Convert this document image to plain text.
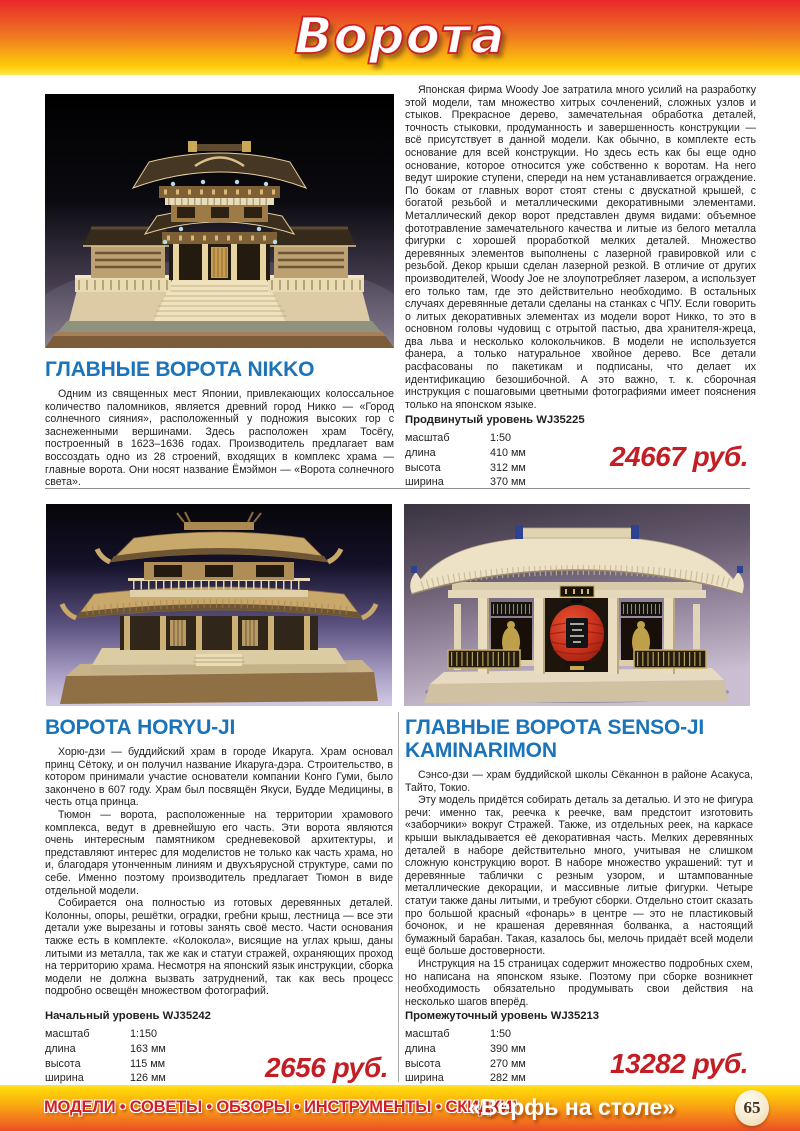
Ворота
ГЛАВНЫЕ ВОРОТА NIKKO

Одним из священных мест Японии, привлекающих колоссальное количество паломников, является древний город Никко — «Город солнечного сияния», расположенный у подножия высоких гор с заснеженными вершинами. Здесь расположен храм Тосёгу, построенный в 1623–1636 годах. Производитель предлагает вам воссоздать одно из 28 строений, входящих в комплекс храма — главные ворота. Они носят название Ёмэймон — «Ворота солнечного света».

Японская фирма Woody Joe затратила много усилий на разработку этой модели, там множество хитрых сочленений, сложных узлов и стыков. Прекрасное дерево, замечательная обработка деталей, точность стыковки, продуманность и завершенность конструкции — всё присутствует в данной модели. Как обычно, в комплекте есть основание для всей конструкции. Но здесь есть как бы еще одно основание, которое относится уже собственно к воротам. На него ведут широкие ступени, спереди на нем устанавливается ограждение. По бокам от главных ворот стоят стены с двускатной крышей, с богатой резьбой и металлическими декоративными элементами. Металлический декор ворот представлен двумя видами: объемное фототравление замечательного качества и литые из белого металла фигурки с хорошей проработкой мелких деталей. Множество деревянных элементов выполнены с лазерной гравировкой или с резьбой. Декор крыши сделан лазерной резкой. В отличие от других производителей, Woody Joe не злоупотребляет лазером, а использует его только там, где это действительно необходимо. В остальных случаях деревянные детали сделаны на станках с ЧПУ. Если говорить о литых декоративных элементах из модели ворот Никко, то это в основном головы чудовищ с отрытой пастью, два хранителя-жреца, два льва и несколько колокольчиков. В модели не используется фанера, а только натуральное хвойное дерево. Все детали расфасованы по пакетикам и подписаны, что делает их идентификацию безошибочной. А это важно, т. к. сборочная инструкция с пошаговыми цветными фотографиями имеет пояснения только на японском языке.

Продвинутый уровень WJ35225
масштаб	1:50
длина	410 мм
высота	312 мм
ширина	370 мм
24667 руб.
ВОРОТА HORYU-JI

Хорю-дзи — буддийский храм в городе Икаруга. Храм основал принц Сётоку, и он получил название Икаруга-дэра. Строительство, в котором принимали участие основатели компании Конго Гуми, было закончено в 607 году. Храм был посвящён Якуси, Будде Медицины, в честь отца принца.

Тюмон — ворота, расположенные на территории храмового комплекса, ведут в древнейшую его часть. Эти ворота являются очень интересным памятником средневековой архитектуры, и представляют интерес для моделистов не только как часть храма, но и, благодаря утонченным линиям и двухъярусной структуре, сами по себе. Именно поэтому производитель предлагает Тюмон в виде отдельной модели.

Собирается она полностью из готовых деревянных деталей. Колонны, опоры, решётки, оградки, гребни крыш, лестница — все эти детали уже вырезаны и готовы занять своё место. Части основания также есть в комплекте. «Колокола», висящие на углах крыш, даны литыми из металла, так же как и статуи стражей, охраняющих проход на территорию храма. Несмотря на японский язык инструкции, сборка модели не должна вызвать затруднений, так как весь процесс подробно освещён множеством фотографий.

ГЛАВНЫЕ ВОРОТА SENSO-JI KAMINARIMON

Сэнсо-дзи — храм буддийской школы Сёканнон в районе Асакуса, Тайто, Токио.

Эту модель придётся собирать деталь за деталью. И это не фигура речи: именно так, реечка к реечке, вам предстоит изготовить «заборчики» вокруг Стражей. Также, из отдельных реек, на каркасе крыши выкладывается её декоративная часть. Мелких деревянных деталей в наборе действительно много, учитывая не слишком сложную конструкцию ворот. В наборе множество украшений: тут и деревянные таблички с резным узором, и штампованные металлические декорации, и массивные литые фигурки. Четыре статуи также даны литыми, и требуют сборки. Отдельно стоит сказать про большой красный «фонарь» в центре — это не пластиковый бочонок, и не крашеная деревянная болванка, а настоящий бумажный барабан. Такая, казалось бы, мелочь придаёт всей модели ещё больше достоверности.

Инструкция на 15 страницах содержит множество подробных схем, но написана на японском языке. Поэтому при сборке возникнет необходимость обязательно продумывать свои действия на несколько шагов вперёд.

Начальный уровень WJ35242
масштаб	1:150
длина	163 мм
высота	115 мм
ширина	126 мм	2656 руб.
Промежуточный уровень WJ35213
масштаб	1:50
длина	390 мм
высота	270 мм
ширина	282 мм	13282 руб.
МОДЕЛИ • СОВЕТЫ • ОБЗОРЫ • ИНСТРУМЕНТЫ • СКИДКИ!
«Верфь на столе»	65
